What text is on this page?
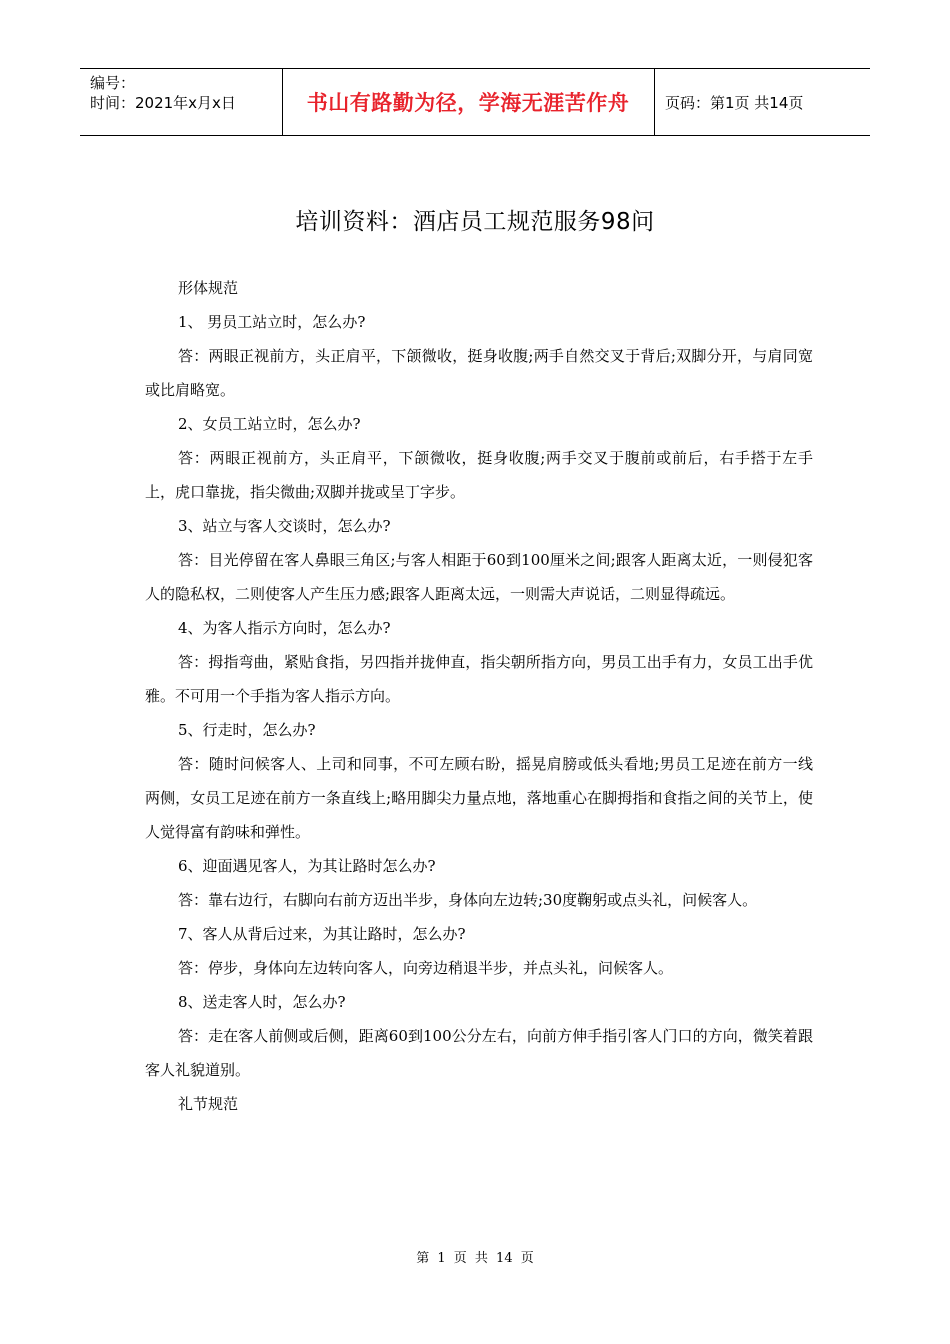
编号：
时间：2021年x月x日	书山有路勤为径，学海无涯苦作舟	页码：第1页 共14页
培训资料：酒店员工规范服务98问

形体规范

1、 男员工站立时，怎么办?

答：两眼正视前方，头正肩平，下颌微收，挺身收腹;两手自然交叉于背后;双脚分开，与肩同宽或比肩略宽。

2、女员工站立时，怎么办?

答：两眼正视前方，头正肩平，下颌微收，挺身收腹;两手交叉于腹前或前后，右手搭于左手上，虎口靠拢，指尖微曲;双脚并拢或呈丁字步。

3、站立与客人交谈时，怎么办?

答：目光停留在客人鼻眼三角区;与客人相距于60到100厘米之间;跟客人距离太近，一则侵犯客人的隐私权，二则使客人产生压力感;跟客人距离太远，一则需大声说话，二则显得疏远。

4、为客人指示方向时，怎么办?

答：拇指弯曲，紧贴食指，另四指并拢伸直，指尖朝所指方向，男员工出手有力，女员工出手优雅。不可用一个手指为客人指示方向。

5、行走时，怎么办?

答：随时问候客人、上司和同事，不可左顾右盼，摇晃肩膀或低头看地;男员工足迹在前方一线两侧，女员工足迹在前方一条直线上;略用脚尖力量点地，落地重心在脚拇指和食指之间的关节上，使人觉得富有韵味和弹性。

6、迎面遇见客人，为其让路时怎么办?

答：靠右边行，右脚向右前方迈出半步，身体向左边转;30度鞠躬或点头礼，问候客人。

7、客人从背后过来，为其让路时，怎么办?

答：停步，身体向左边转向客人，向旁边稍退半步，并点头礼，问候客人。

8、送走客人时，怎么办?

答：走在客人前侧或后侧，距离60到100公分左右，向前方伸手指引客人门口的方向，微笑着跟客人礼貌道别。

礼节规范

第 1 页 共 14 页
